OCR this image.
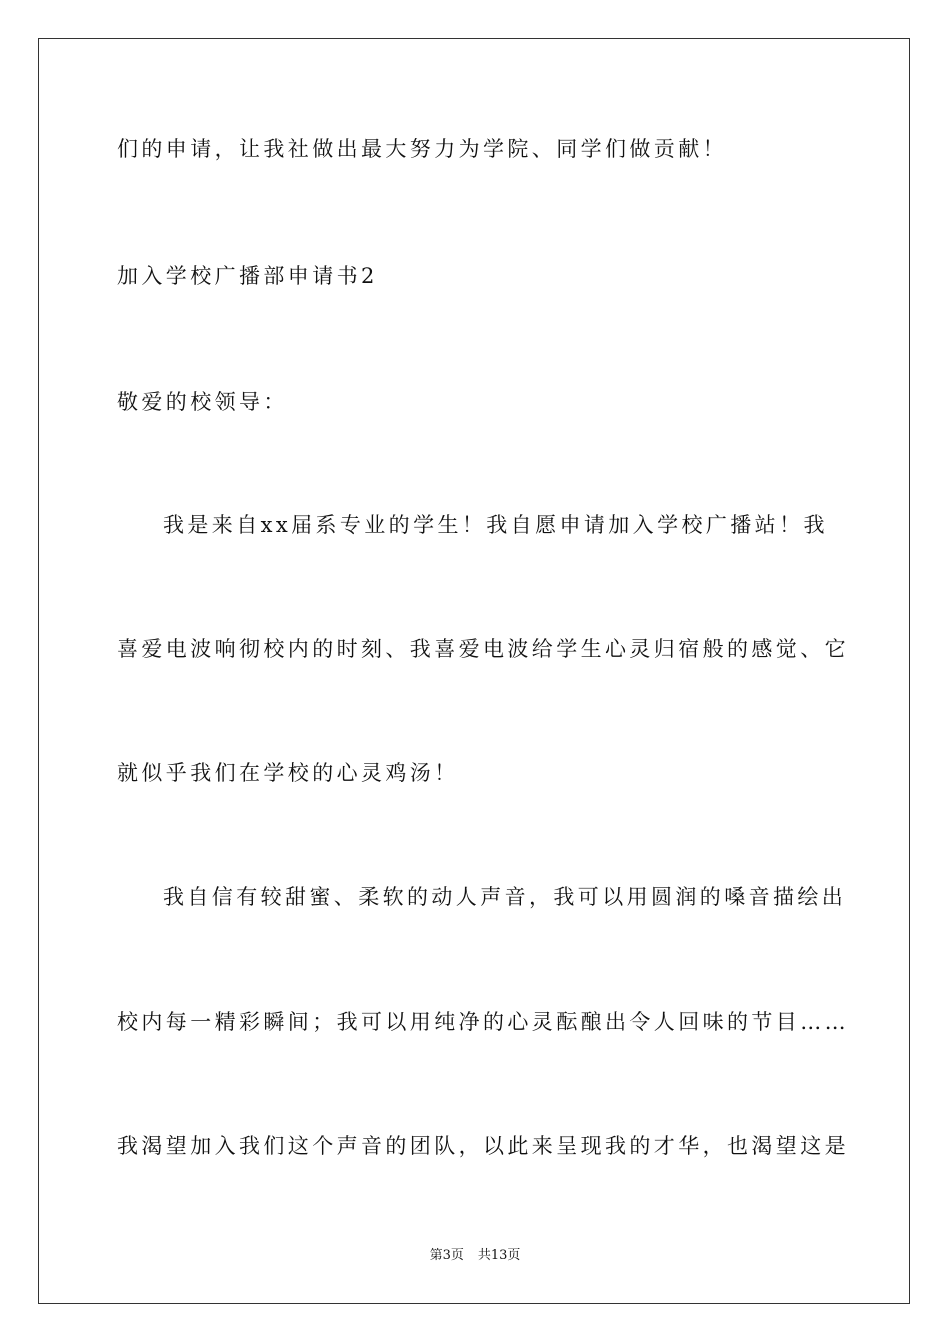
们的申请，让我社做出最大努力为学院、同学们做贡献！
加入学校广播部申请书2
敬爱的校领导：
我是来自xx届系专业的学生！我自愿申请加入学校广播站！我
喜爱电波响彻校内的时刻、我喜爱电波给学生心灵归宿般的感觉、它
就似乎我们在学校的心灵鸡汤！
我自信有较甜蜜、柔软的动人声音，我可以用圆润的嗓音描绘出
校内每一精彩瞬间；我可以用纯净的心灵酝酿出令人回味的节目……
我渴望加入我们这个声音的团队，以此来呈现我的才华，也渴望这是
第3页 共13页
